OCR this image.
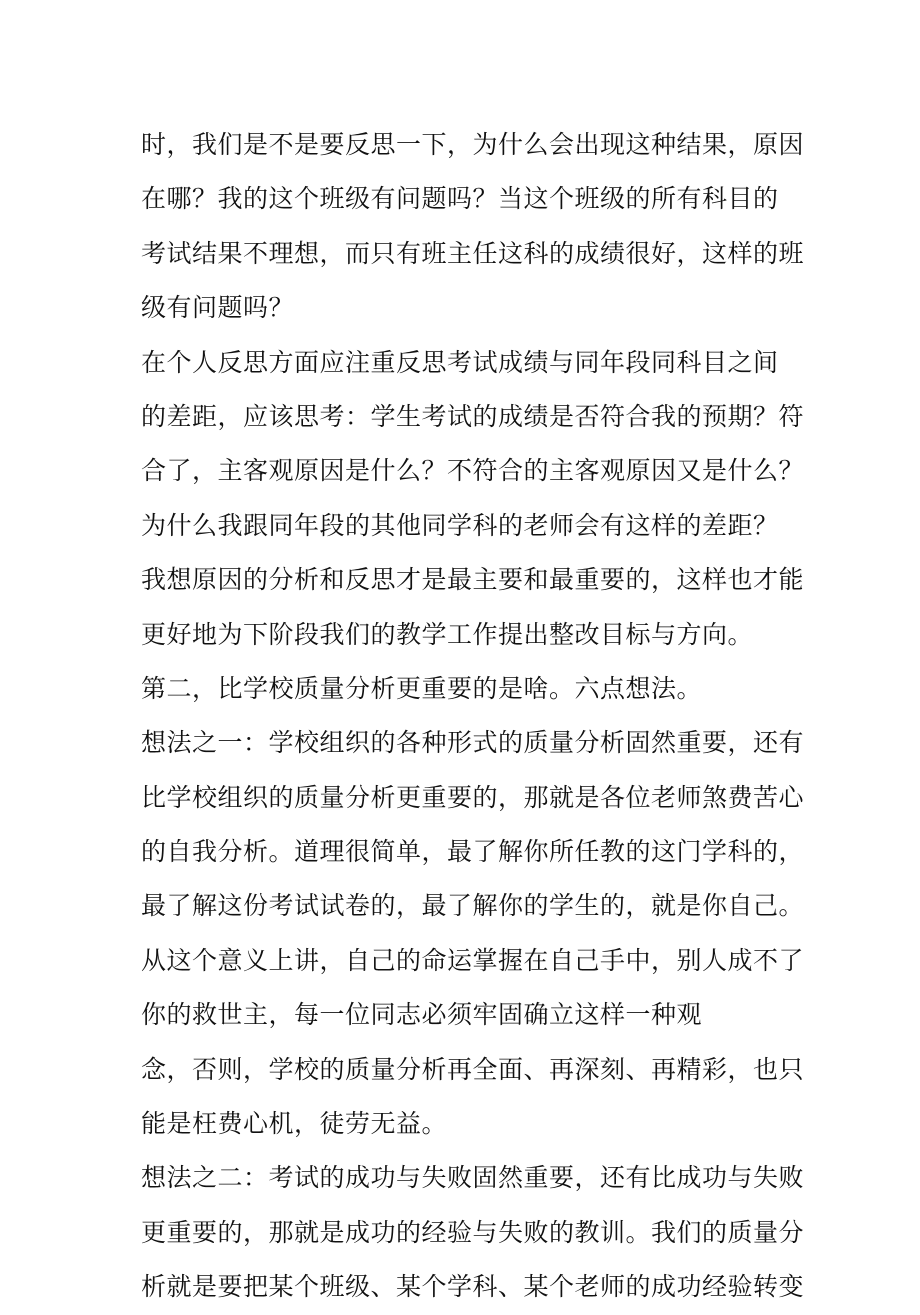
时，我们是不是要反思一下，为什么会出现这种结果，原因
在哪？我的这个班级有问题吗？当这个班级的所有科目的
考试结果不理想，而只有班主任这科的成绩很好，这样的班
级有问题吗？
在个人反思方面应注重反思考试成绩与同年段同科目之间
的差距，应该思考：学生考试的成绩是否符合我的预期？符
合了，主客观原因是什么？不符合的主客观原因又是什么？
为什么我跟同年段的其他同学科的老师会有这样的差距？
我想原因的分析和反思才是最主要和最重要的，这样也才能
更好地为下阶段我们的教学工作提出整改目标与方向。
第二，比学校质量分析更重要的是啥。六点想法。
想法之一：学校组织的各种形式的质量分析固然重要，还有
比学校组织的质量分析更重要的，那就是各位老师煞费苦心
的自我分析。道理很简单，最了解你所任教的这门学科的，
最了解这份考试试卷的，最了解你的学生的，就是你自己。
从这个意义上讲，自己的命运掌握在自己手中，别人成不了
你的救世主，每一位同志必须牢固确立这样一种观
念，否则，学校的质量分析再全面、再深刻、再精彩，也只
能是枉费心机，徒劳无益。
想法之二：考试的成功与失败固然重要，还有比成功与失败
更重要的，那就是成功的经验与失败的教训。我们的质量分
析就是要把某个班级、某个学科、某个老师的成功经验转变
